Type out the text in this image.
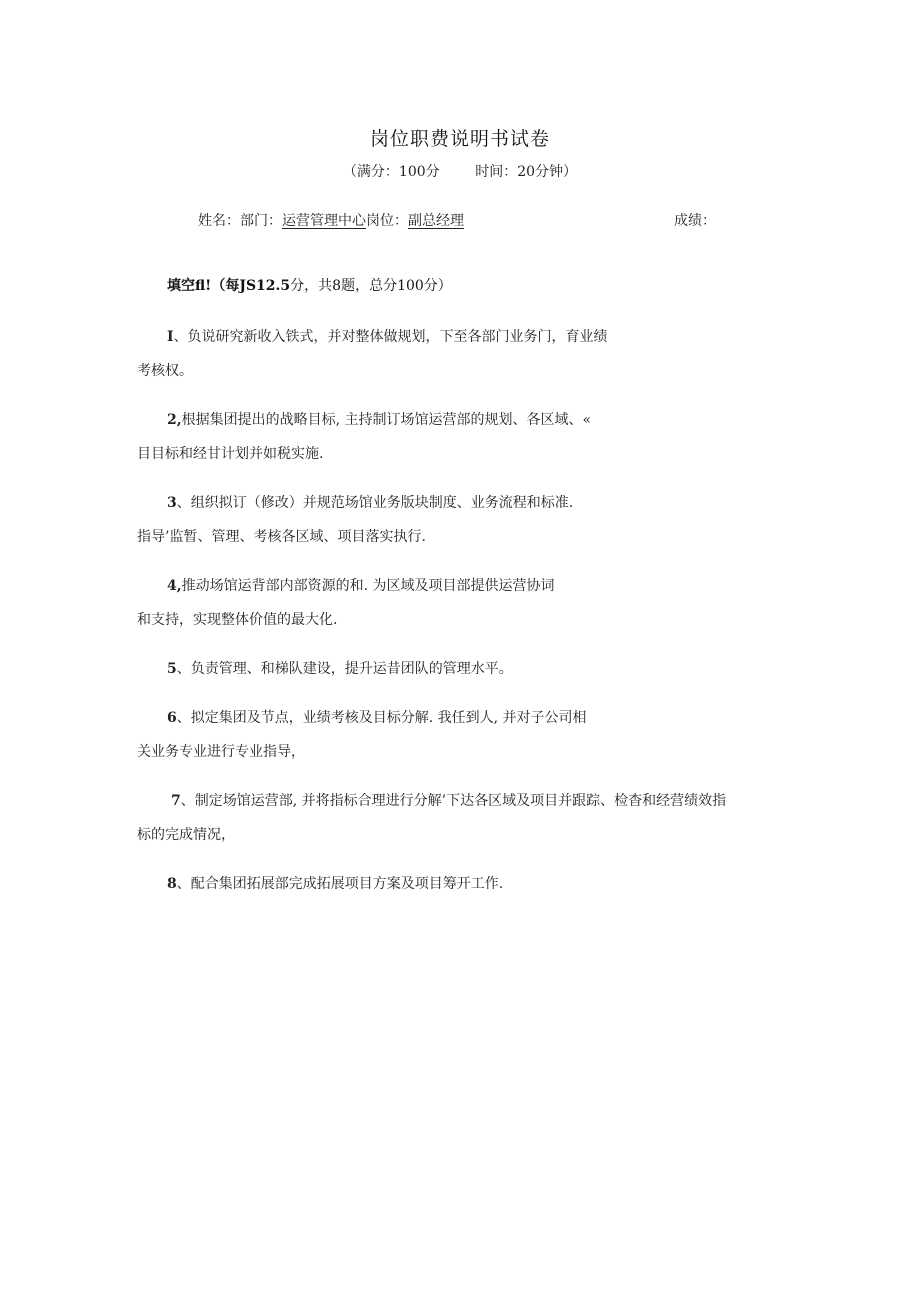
岗位职费说明书试卷
（满分：100分        时间：20分钟）
姓名：部门：运营管理中心岗位：副总经理	成绩：
填空fl!（每JS12.5分，共8题，总分100分）
I、负说研究新收入铁式，并对整体做规划，下至各部门业务门，育业绩
考核权。
2,根据集团提出的战略目标, 主持制订场馆运营部的规划、各区域、«
目目标和经甘计划并如税实施.
3、组织拟订（修改）并规范场馆业务版块制度、业务流程和标准.
指导’监暂、管理、考核各区域、项目落实执行.
4,推动场馆运背部内部资源的和. 为区域及项目部提供运营协词
和支持，实现整体价值的最大化.
5、负责管理、和梯队建设，提升运昔团队的管理水平。
6、拟定集团及节点，业绩考核及目标分解. 我任到人, 并对子公司相
关业务专业进行专业指导，
7、制定场馆运营部, 并将指标合理进行分解’下达各区域及项目并跟踪、检杳和经营绩效指
标的完成情况，
8、配合集团拓展部完成拓展项目方案及项目筹开工作.
